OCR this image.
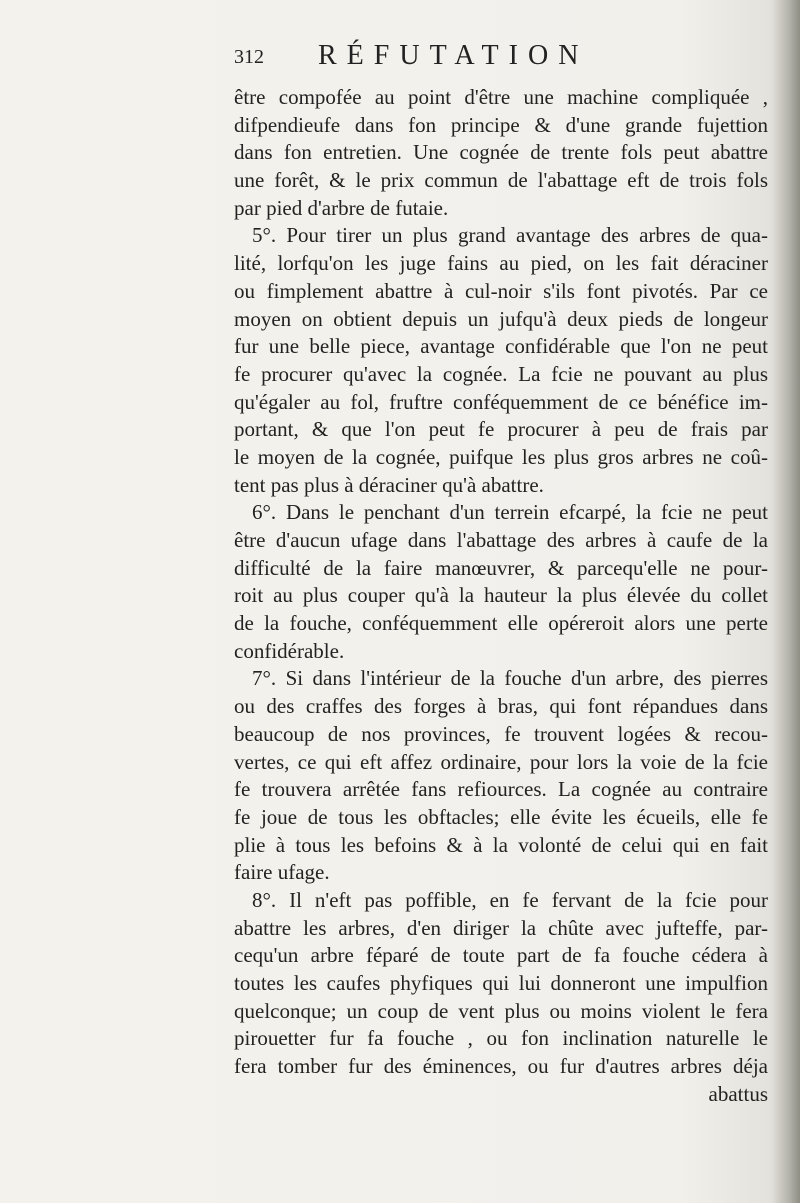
312 RÉFUTATION
être compofée au point d'être une machine compliquée ,
difpendieufe dans fon principe & d'une grande fujettion
dans fon entretien. Une cognée de trente fols peut abattre
une forêt, & le prix commun de l'abattage eft de trois fols
par pied d'arbre de futaie.
5°. Pour tirer un plus grand avantage des arbres de qua-
lité, lorfqu'on les juge fains au pied, on les fait déraciner
ou fimplement abattre à cul-noir s'ils font pivotés. Par ce
moyen on obtient depuis un jufqu'à deux pieds de longeur
fur une belle piece, avantage confidérable que l'on ne peut
fe procurer qu'avec la cognée. La fcie ne pouvant au plus
qu'égaler au fol, fruftre conféquemment de ce bénéfice im-
portant, & que l'on peut fe procurer à peu de frais par
le moyen de la cognée, puifque les plus gros arbres ne coû-
tent pas plus à déraciner qu'à abattre.
6°. Dans le penchant d'un terrein efcarpé, la fcie ne peut
être d'aucun ufage dans l'abattage des arbres à caufe de la
difficulté de la faire manœuvrer, & parcequ'elle ne pour-
roit au plus couper qu'à la hauteur la plus élevée du collet
de la fouche, conféquemment elle opéreroit alors une perte
confidérable.
7°. Si dans l'intérieur de la fouche d'un arbre, des pierres
ou des craffes des forges à bras, qui font répandues dans
beaucoup de nos provinces, fe trouvent logées & recou-
vertes, ce qui eft affez ordinaire, pour lors la voie de la fcie
fe trouvera arrêtée fans refiources. La cognée au contraire
fe joue de tous les obftacles; elle évite les écueils, elle fe
plie à tous les befoins & à la volonté de celui qui en fait
faire ufage.
8°. Il n'eft pas poffible, en fe fervant de la fcie pour
abattre les arbres, d'en diriger la chûte avec jufteffe, par-
cequ'un arbre féparé de toute part de fa fouche cédera à
toutes les caufes phyfiques qui lui donneront une impulfion
quelconque; un coup de vent plus ou moins violent le fera
pirouetter fur fa fouche , ou fon inclination naturelle le
fera tomber fur des éminences, ou fur d'autres arbres déja
abattus
